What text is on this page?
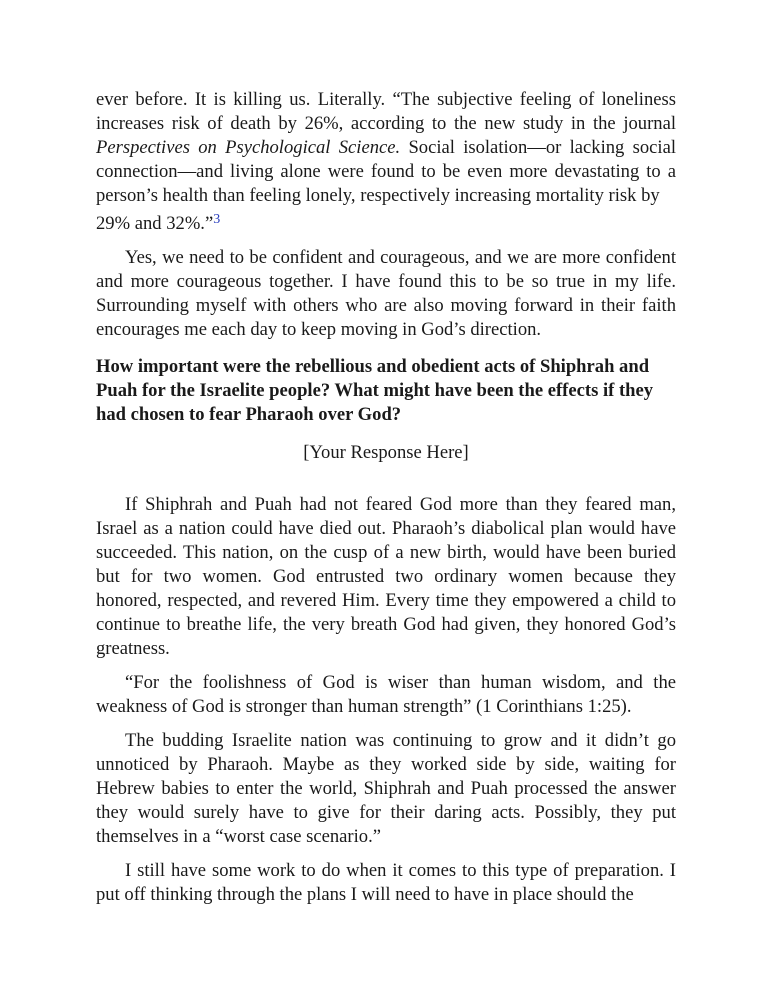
ever before. It is killing us. Literally. “The subjective feeling of loneliness increases risk of death by 26%, according to the new study in the journal Perspectives on Psychological Science. Social isolation—or lacking social connection—and living alone were found to be even more devastating to a person’s health than feeling lonely, respectively increasing mortality risk by
29% and 32%.”$^3$

Yes, we need to be confident and courageous, and we are more confident and more courageous together. I have found this to be so true in my life. Surrounding myself with others who are also moving forward in their faith encourages me each day to keep moving in God’s direction.

How important were the rebellious and obedient acts of Shiphrah and Puah for the Israelite people? What might have been the effects if they had chosen to fear Pharaoh over God?

[Your Response Here]

If Shiphrah and Puah had not feared God more than they feared man, Israel as a nation could have died out. Pharaoh’s diabolical plan would have succeeded. This nation, on the cusp of a new birth, would have been buried but for two women. God entrusted two ordinary women because they honored, respected, and revered Him. Every time they empowered a child to continue to breathe life, the very breath God had given, they honored God’s greatness.

“For the foolishness of God is wiser than human wisdom, and the weakness of God is stronger than human strength” (1 Corinthians 1:25).

The budding Israelite nation was continuing to grow and it didn’t go unnoticed by Pharaoh. Maybe as they worked side by side, waiting for Hebrew babies to enter the world, Shiphrah and Puah processed the answer they would surely have to give for their daring acts. Possibly, they put themselves in a “worst case scenario.”

I still have some work to do when it comes to this type of preparation. I put off thinking through the plans I will need to have in place should the
